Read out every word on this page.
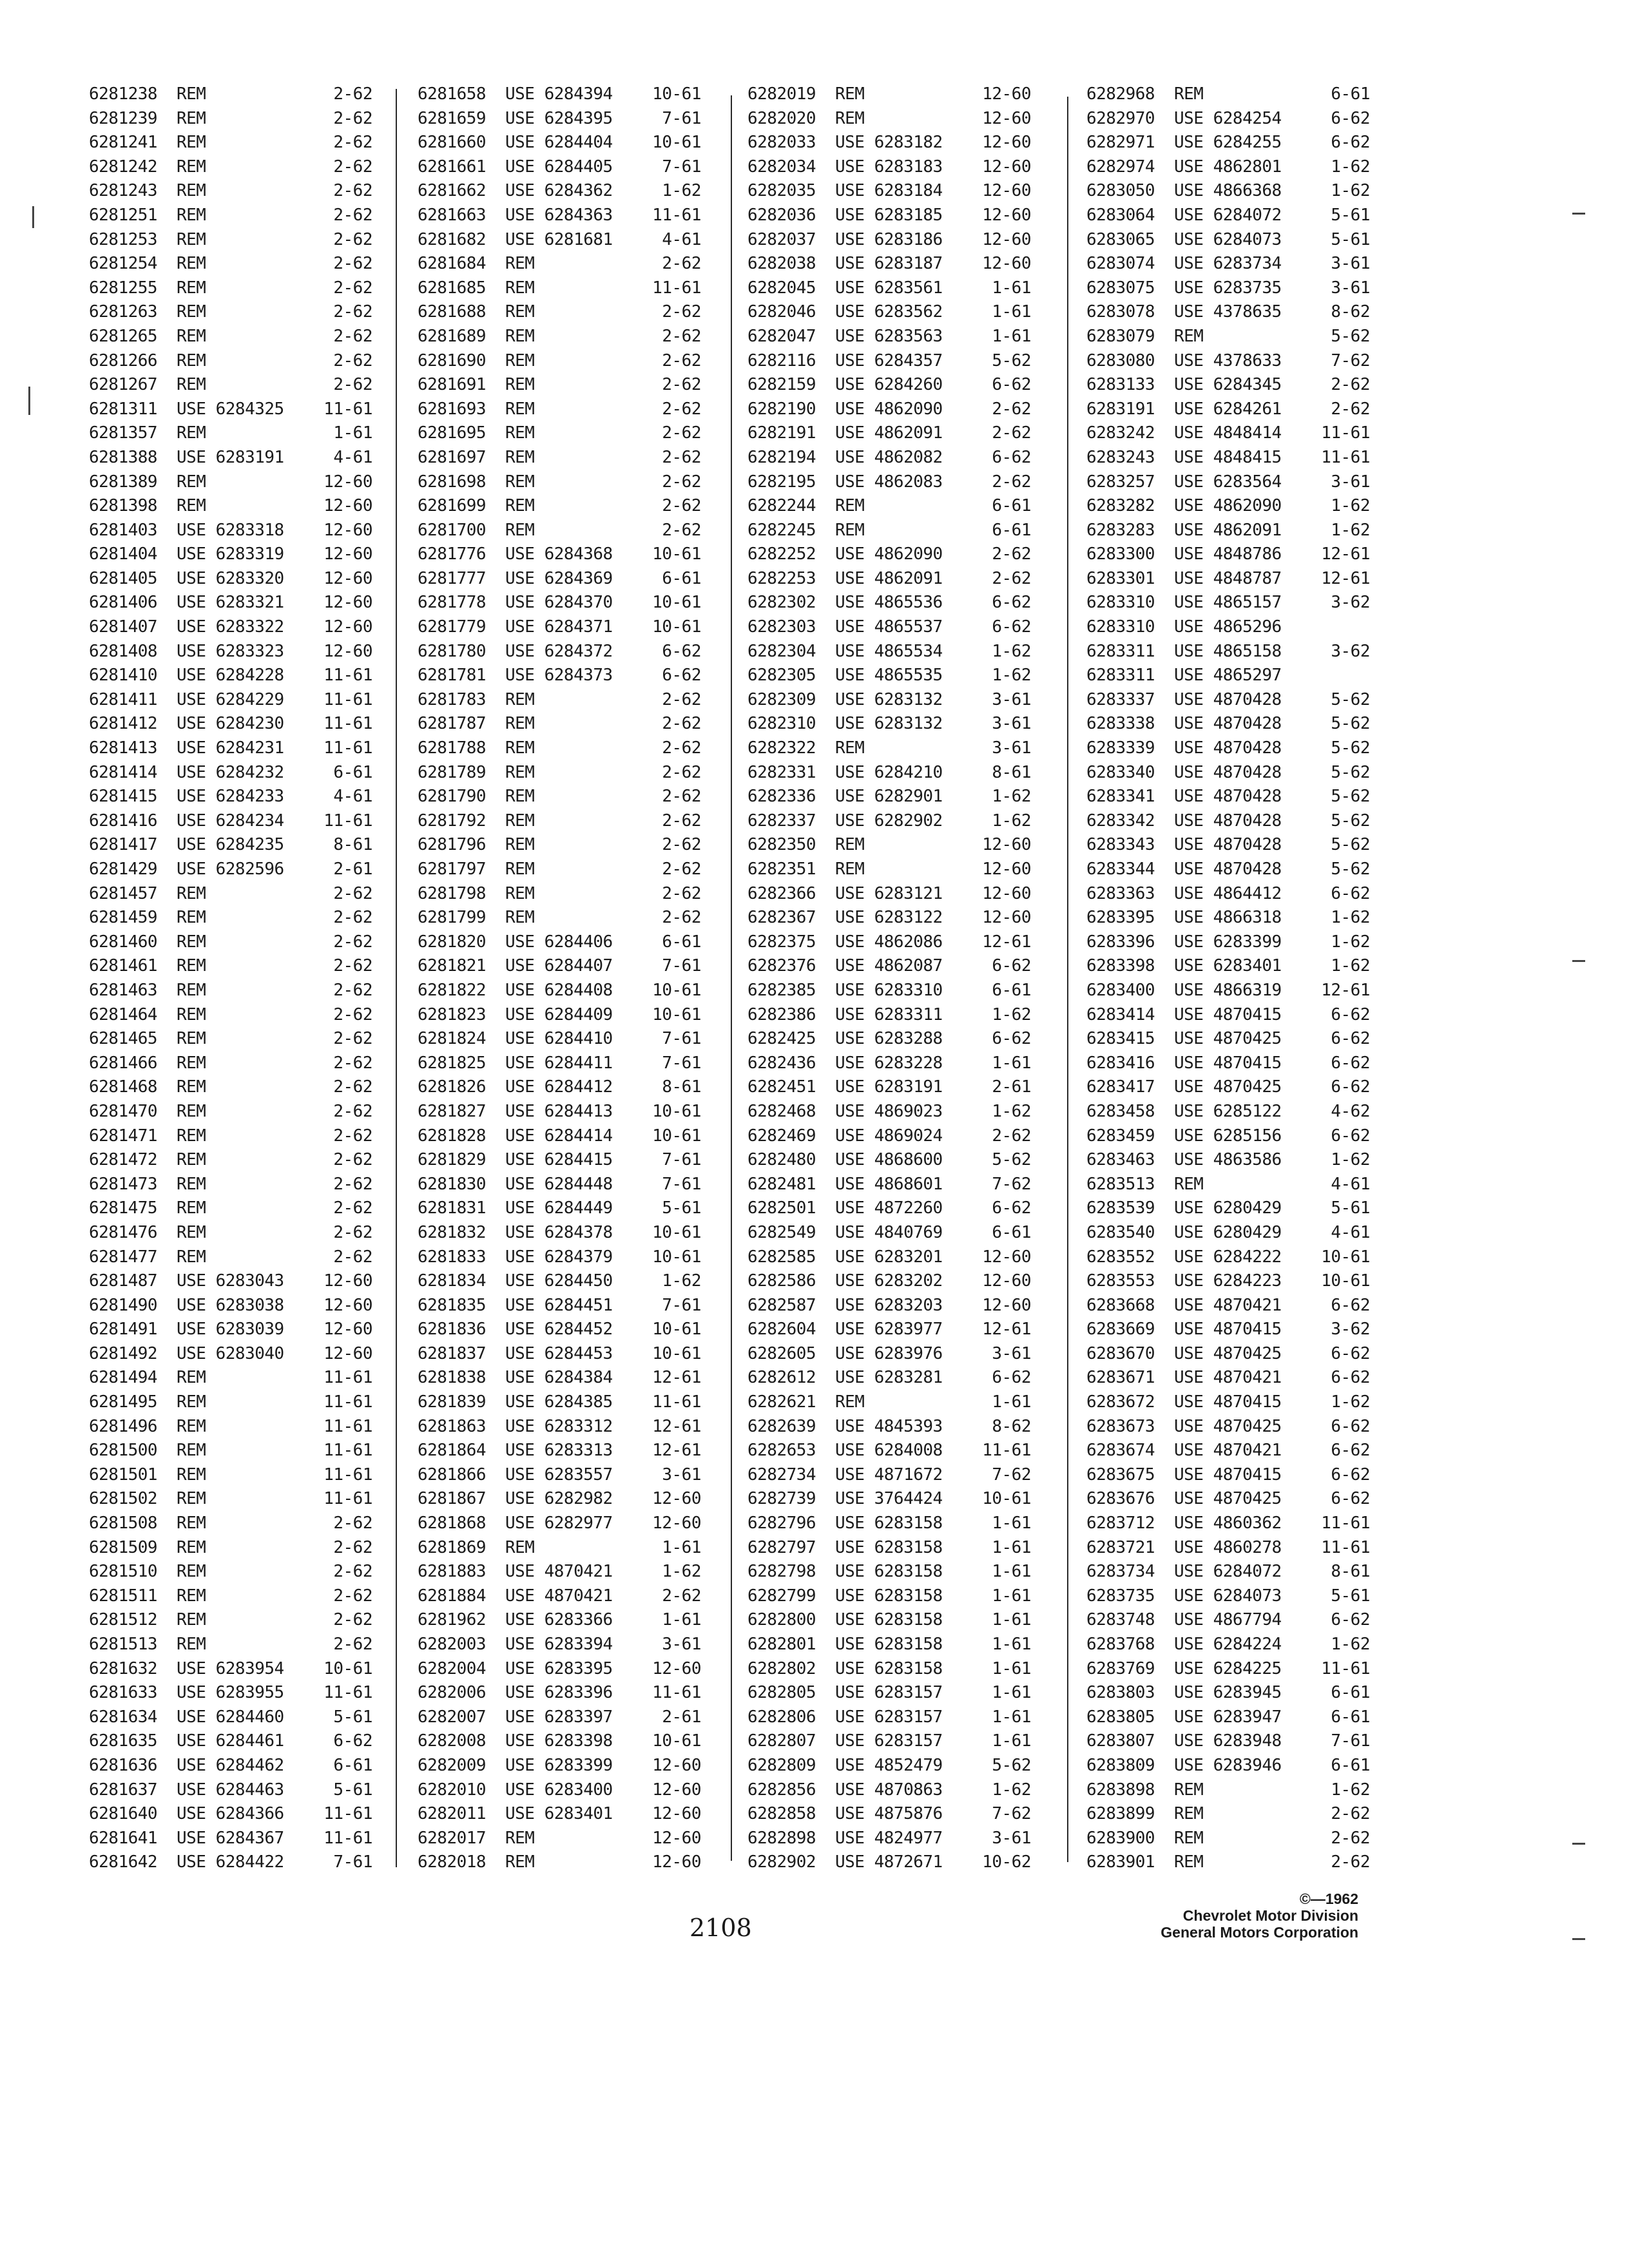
6281238 REM	2-62
6281239 REM	2-62
6281241 REM	2-62
6281242 REM	2-62
6281243 REM	2-62
6281251 REM	2-62
6281253 REM	2-62
6281254 REM	2-62
6281255 REM	2-62
6281263 REM	2-62
6281265 REM	2-62
6281266 REM	2-62
6281267 REM	2-62
6281311 USE 6284325 11-61
6281357 REM	1-61
6281388 USE 6283191	4-61
6281389 REM	12-60
6281398 REM	12-60
6281403 USE 6283318 12-60
6281404 USE 6283319 12-60
6281405 USE 6283320 12-60
6281406 USE 6283321 12-60
6281407 USE 6283322 12-60
6281408 USE 6283323 12-60
6281410 USE 6284228 11-61
6281411 USE 6284229 11-61
6281412 USE 6284230 11-61
6281413 USE 6284231 11-61
6281414 USE 6284232	6-61
6281415 USE 6284233	4-61
6281416 USE 6284234 11-61
6281417 USE 6284235	8-61
6281429 USE 6282596	2-61
6281457 REM	2-62
6281459 REM	2-62
6281460 REM	2-62
6281461 REM	2-62
6281463 REM	2-62
6281464 REM	2-62
6281465 REM	2-62
6281466 REM	2-62
6281468 REM	2-62
6281470 REM	2-62
6281471 REM	2-62
6281472 REM	2-62
6281473 REM	2-62
6281475 REM	2-62
6281476 REM	2-62
6281477 REM	2-62
6281487 USE 6283043 12-60
6281490 USE 6283038 12-60
6281491 USE 6283039 12-60
6281492 USE 6283040 12-60
6281494 REM	11-61
6281495 REM	11-61
6281496 REM	11-61
6281500 REM	11-61
6281501 REM	11-61
6281502 REM	11-61
6281508 REM	2-62
6281509 REM	2-62
6281510 REM	2-62
6281511 REM	2-62
6281512 REM	2-62
6281513 REM	2-62
6281632 USE 6283954 10-61
6281633 USE 6283955 11-61
6281634 USE 6284460	5-61
6281635 USE 6284461	6-62
6281636 USE 6284462	6-61
6281637 USE 6284463	5-61
6281640 USE 6284366 11-61
6281641 USE 6284367 11-61
6281642 USE 6284422	7-61
6281658 USE 6284394 10-61
6281659 USE 6284395	7-61
6281660 USE 6284404 10-61
6281661 USE 6284405	7-61
6281662 USE 6284362	1-62
6281663 USE 6284363 11-61
6281682 USE 6281681	4-61
6281684 REM	2-62
6281685 REM	11-61
6281688 REM	2-62
6281689 REM	2-62
6281690 REM	2-62
6281691 REM	2-62
6281693 REM	2-62
6281695 REM	2-62
6281697 REM	2-62
6281698 REM	2-62
6281699 REM	2-62
6281700 REM	2-62
6281776 USE 6284368 10-61
6281777 USE 6284369	6-61
6281778 USE 6284370 10-61
6281779 USE 6284371 10-61
6281780 USE 6284372	6-62
6281781 USE 6284373	6-62
6281783 REM	2-62
6281787 REM	2-62
6281788 REM	2-62
6281789 REM	2-62
6281790 REM	2-62
6281792 REM	2-62
6281796 REM	2-62
6281797 REM	2-62
6281798 REM	2-62
6281799 REM	2-62
6281820 USE 6284406	6-61
6281821 USE 6284407	7-61
6281822 USE 6284408 10-61
6281823 USE 6284409 10-61
6281824 USE 6284410	7-61
6281825 USE 6284411	7-61
6281826 USE 6284412	8-61
6281827 USE 6284413 10-61
6281828 USE 6284414 10-61
6281829 USE 6284415	7-61
6281830 USE 6284448	7-61
6281831 USE 6284449	5-61
6281832 USE 6284378 10-61
6281833 USE 6284379 10-61
6281834 USE 6284450	1-62
6281835 USE 6284451	7-61
6281836 USE 6284452 10-61
6281837 USE 6284453 10-61
6281838 USE 6284384 12-61
6281839 USE 6284385 11-61
6281863 USE 6283312 12-61
6281864 USE 6283313 12-61
6281866 USE 6283557	3-61
6281867 USE 6282982 12-60
6281868 USE 6282977 12-60
6281869 REM	1-61
6281883 USE 4870421	1-62
6281884 USE 4870421	2-62
6281962 USE 6283366	1-61
6282003 USE 6283394	3-61
6282004 USE 6283395 12-60
6282006 USE 6283396 11-61
6282007 USE 6283397	2-61
6282008 USE 6283398 10-61
6282009 USE 6283399 12-60
6282010 USE 6283400 12-60
6282011 USE 6283401 12-60
6282017 REM	12-60
6282018 REM	12-60
6282019 REM	12-60
6282020 REM	12-60
6282033 USE 6283182 12-60
6282034 USE 6283183 12-60
6282035 USE 6283184 12-60
6282036 USE 6283185 12-60
6282037 USE 6283186 12-60
6282038 USE 6283187 12-60
6282045 USE 6283561	1-61
6282046 USE 6283562	1-61
6282047 USE 6283563	1-61
6282116 USE 6284357	5-62
6282159 USE 6284260	6-62
6282190 USE 4862090	2-62
6282191 USE 4862091	2-62
6282194 USE 4862082	6-62
6282195 USE 4862083	2-62
6282244 REM	6-61
6282245 REM	6-61
6282252 USE 4862090	2-62
6282253 USE 4862091	2-62
6282302 USE 4865536	6-62
6282303 USE 4865537	6-62
6282304 USE 4865534	1-62
6282305 USE 4865535	1-62
6282309 USE 6283132	3-61
6282310 USE 6283132	3-61
6282322 REM	3-61
6282331 USE 6284210	8-61
6282336 USE 6282901	1-62
6282337 USE 6282902	1-62
6282350 REM	12-60
6282351 REM	12-60
6282366 USE 6283121 12-60
6282367 USE 6283122 12-60
6282375 USE 4862086 12-61
6282376 USE 4862087	6-62
6282385 USE 6283310	6-61
6282386 USE 6283311	1-62
6282425 USE 6283288	6-62
6282436 USE 6283228	1-61
6282451 USE 6283191	2-61
6282468 USE 4869023	1-62
6282469 USE 4869024	2-62
6282480 USE 4868600	5-62
6282481 USE 4868601	7-62
6282501 USE 4872260	6-62
6282549 USE 4840769	6-61
6282585 USE 6283201 12-60
6282586 USE 6283202 12-60
6282587 USE 6283203 12-60
6282604 USE 6283977 12-61
6282605 USE 6283976	3-61
6282612 USE 6283281	6-62
6282621 REM	1-61
6282639 USE 4845393	8-62
6282653 USE 6284008 11-61
6282734 USE 4871672	7-62
6282739 USE 3764424 10-61
6282796 USE 6283158	1-61
6282797 USE 6283158	1-61
6282798 USE 6283158	1-61
6282799 USE 6283158	1-61
6282800 USE 6283158	1-61
6282801 USE 6283158	1-61
6282802 USE 6283158	1-61
6282805 USE 6283157	1-61
6282806 USE 6283157	1-61
6282807 USE 6283157	1-61
6282809 USE 4852479	5-62
6282856 USE 4870863	1-62
6282858 USE 4875876	7-62
6282898 USE 4824977	3-61
6282902 USE 4872671 10-62
6282968 REM	6-61
6282970 USE 6284254	6-62
6282971 USE 6284255	6-62
6282974 USE 4862801	1-62
6283050 USE 4866368	1-62
6283064 USE 6284072	5-61
6283065 USE 6284073	5-61
6283074 USE 6283734	3-61
6283075 USE 6283735	3-61
6283078 USE 4378635	8-62
6283079 REM	5-62
6283080 USE 4378633	7-62
6283133 USE 6284345	2-62
6283191 USE 6284261	2-62
6283242 USE 4848414 11-61
6283243 USE 4848415 11-61
6283257 USE 6283564	3-61
6283282 USE 4862090	1-62
6283283 USE 4862091	1-62
6283300 USE 4848786 12-61
6283301 USE 4848787 12-61
6283310 USE 4865157	3-62
6283310 USE 4865296
6283311 USE 4865158	3-62
6283311 USE 4865297
6283337 USE 4870428	5-62
6283338 USE 4870428	5-62
6283339 USE 4870428	5-62
6283340 USE 4870428	5-62
6283341 USE 4870428	5-62
6283342 USE 4870428	5-62
6283343 USE 4870428	5-62
6283344 USE 4870428	5-62
6283363 USE 4864412	6-62
6283395 USE 4866318	1-62
6283396 USE 6283399	1-62
6283398 USE 6283401	1-62
6283400 USE 4866319 12-61
6283414 USE 4870415	6-62
6283415 USE 4870425	6-62
6283416 USE 4870415	6-62
6283417 USE 4870425	6-62
6283458 USE 6285122	4-62
6283459 USE 6285156	6-62
6283463 USE 4863586	1-62
6283513 REM	4-61
6283539 USE 6280429	5-61
6283540 USE 6280429	4-61
6283552 USE 6284222 10-61
6283553 USE 6284223 10-61
6283668 USE 4870421	6-62
6283669 USE 4870415	3-62
6283670 USE 4870425	6-62
6283671 USE 4870421	6-62
6283672 USE 4870415	1-62
6283673 USE 4870425	6-62
6283674 USE 4870421	6-62
6283675 USE 4870415	6-62
6283676 USE 4870425	6-62
6283712 USE 4860362 11-61
6283721 USE 4860278 11-61
6283734 USE 6284072	8-61
6283735 USE 6284073	5-61
6283748 USE 4867794	6-62
6283768 USE 6284224	1-62
6283769 USE 6284225 11-61
6283803 USE 6283945	6-61
6283805 USE 6283947	6-61
6283807 USE 6283948	7-61
6283809 USE 6283946	6-61
6283898 REM	1-62
6283899 REM	2-62
6283900 REM	2-62
6283901 REM	2-62
2108
©—1962
Chevrolet Motor Division
General Motors Corporation
